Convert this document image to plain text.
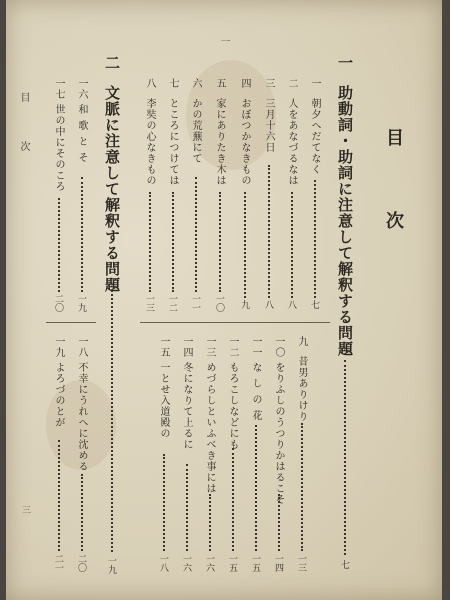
一
目 次
一
助動詞・助詞に注意して解釈する問題
七
一
朝夕へだてなく
七
二
人をあなづるなは
八
三
三月十六日
八
四
おぼつかなきもの
九
五
家にありたき木は
一〇
六
かの荒蕪にて
一一
七
ところにつけては
一二
八
李奘の心なきもの
一三
九
昔男ありけり
一三
一〇
をりふしのうつりかはるこそ
一四
一一
なしの花
一五
一二
もろこしなどにも
一五
一三
めづらしといふべき事には
一六
一四
冬になりて上るに
一六
一五
一とせ入道殿の
一八
二
文脈に注意して解釈する問題
一九
一六
和歌とそ
一九
一七
世の中にそのころ
二〇
一八
不幸にうれへに沈める
二〇
一九
よろづのとが
二一
目 次
三
